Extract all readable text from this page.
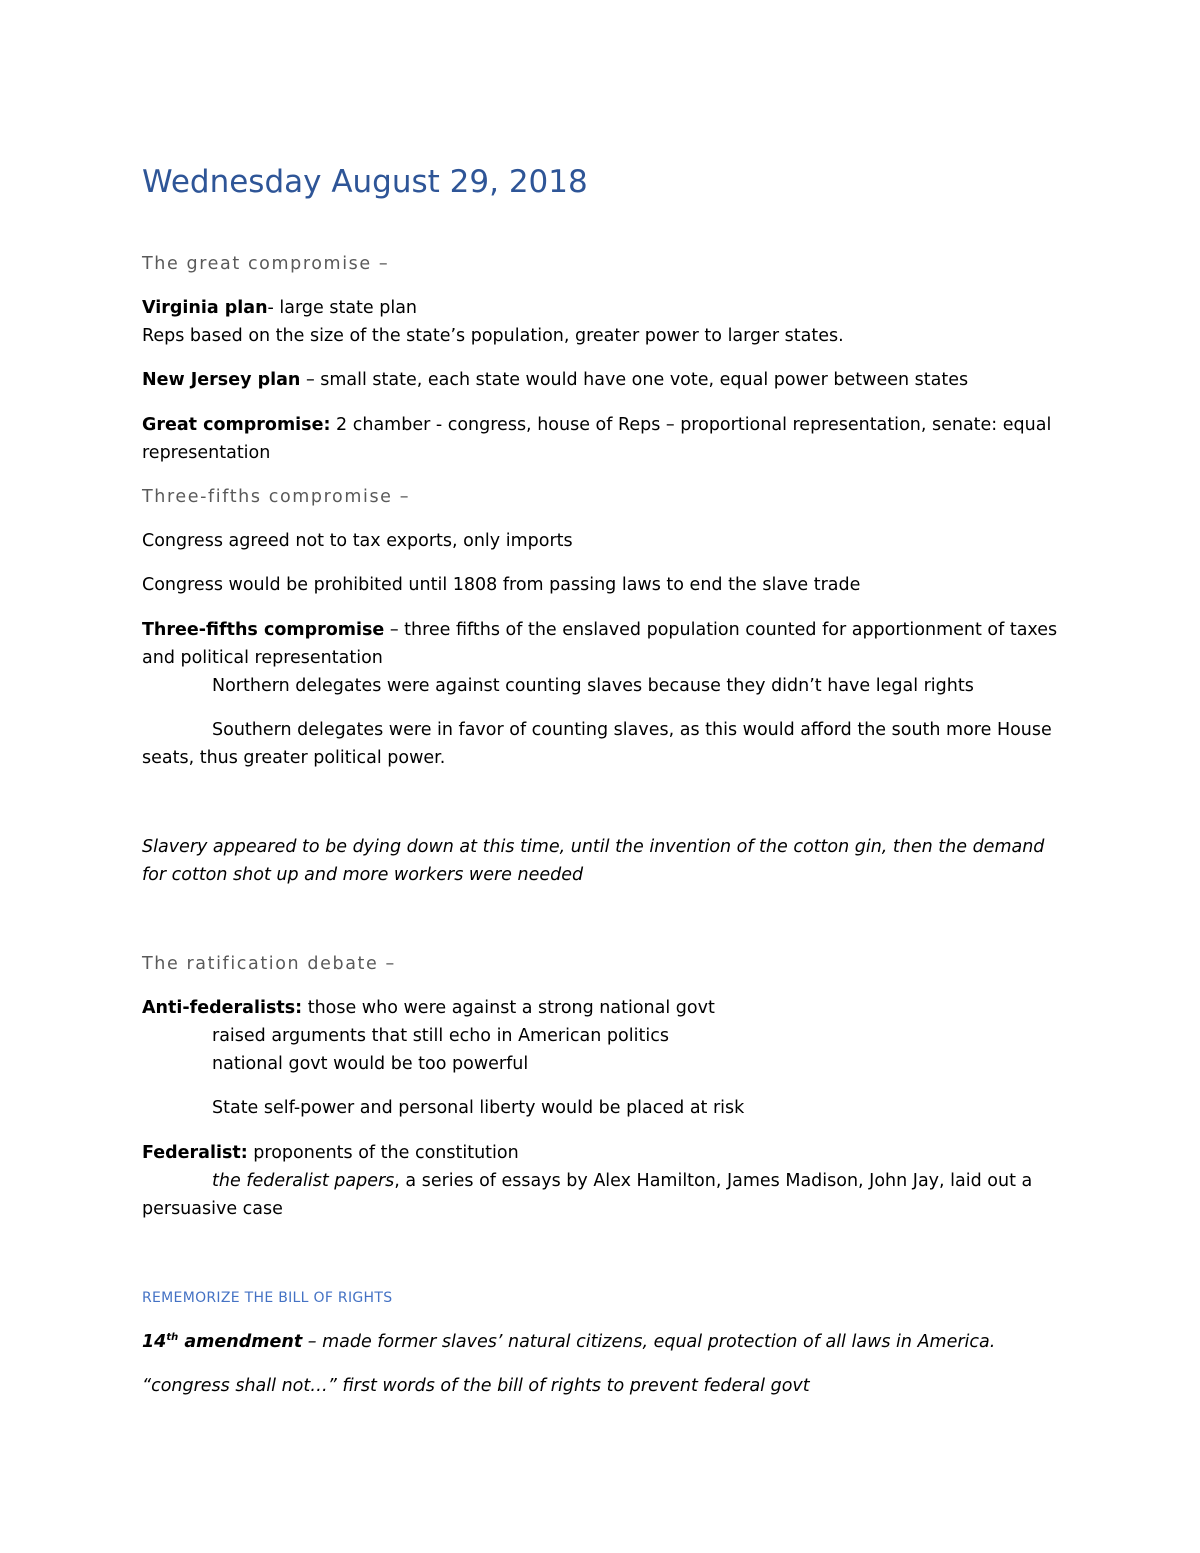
Wednesday August 29, 2018
The great compromise –
Virginia plan- large state plan
Reps based on the size of the state’s population, greater power to larger states.
New Jersey plan – small state, each state would have one vote, equal power between states
Great compromise: 2 chamber - congress, house of Reps – proportional representation, senate: equal
representation
Three-fifths compromise –
Congress agreed not to tax exports, only imports
Congress would be prohibited until 1808 from passing laws to end the slave trade
Three-fifths compromise – three fifths of the enslaved population counted for apportionment of taxes
and political representation
Northern delegates were against counting slaves because they didn’t have legal rights
Southern delegates were in favor of counting slaves, as this would afford the south more House
seats, thus greater political power.
Slavery appeared to be dying down at this time, until the invention of the cotton gin, then the demand
for cotton shot up and more workers were needed
The ratification debate –
Anti-federalists: those who were against a strong national govt
raised arguments that still echo in American politics
national govt would be too powerful
State self-power and personal liberty would be placed at risk
Federalist: proponents of the constitution
the federalist papers, a series of essays by Alex Hamilton, James Madison, John Jay, laid out a
persuasive case
REMEMORIZE THE BILL OF RIGHTS
14th amendment – made former slaves’ natural citizens, equal protection of all laws in America.
“congress shall not…” first words of the bill of rights to prevent federal govt
